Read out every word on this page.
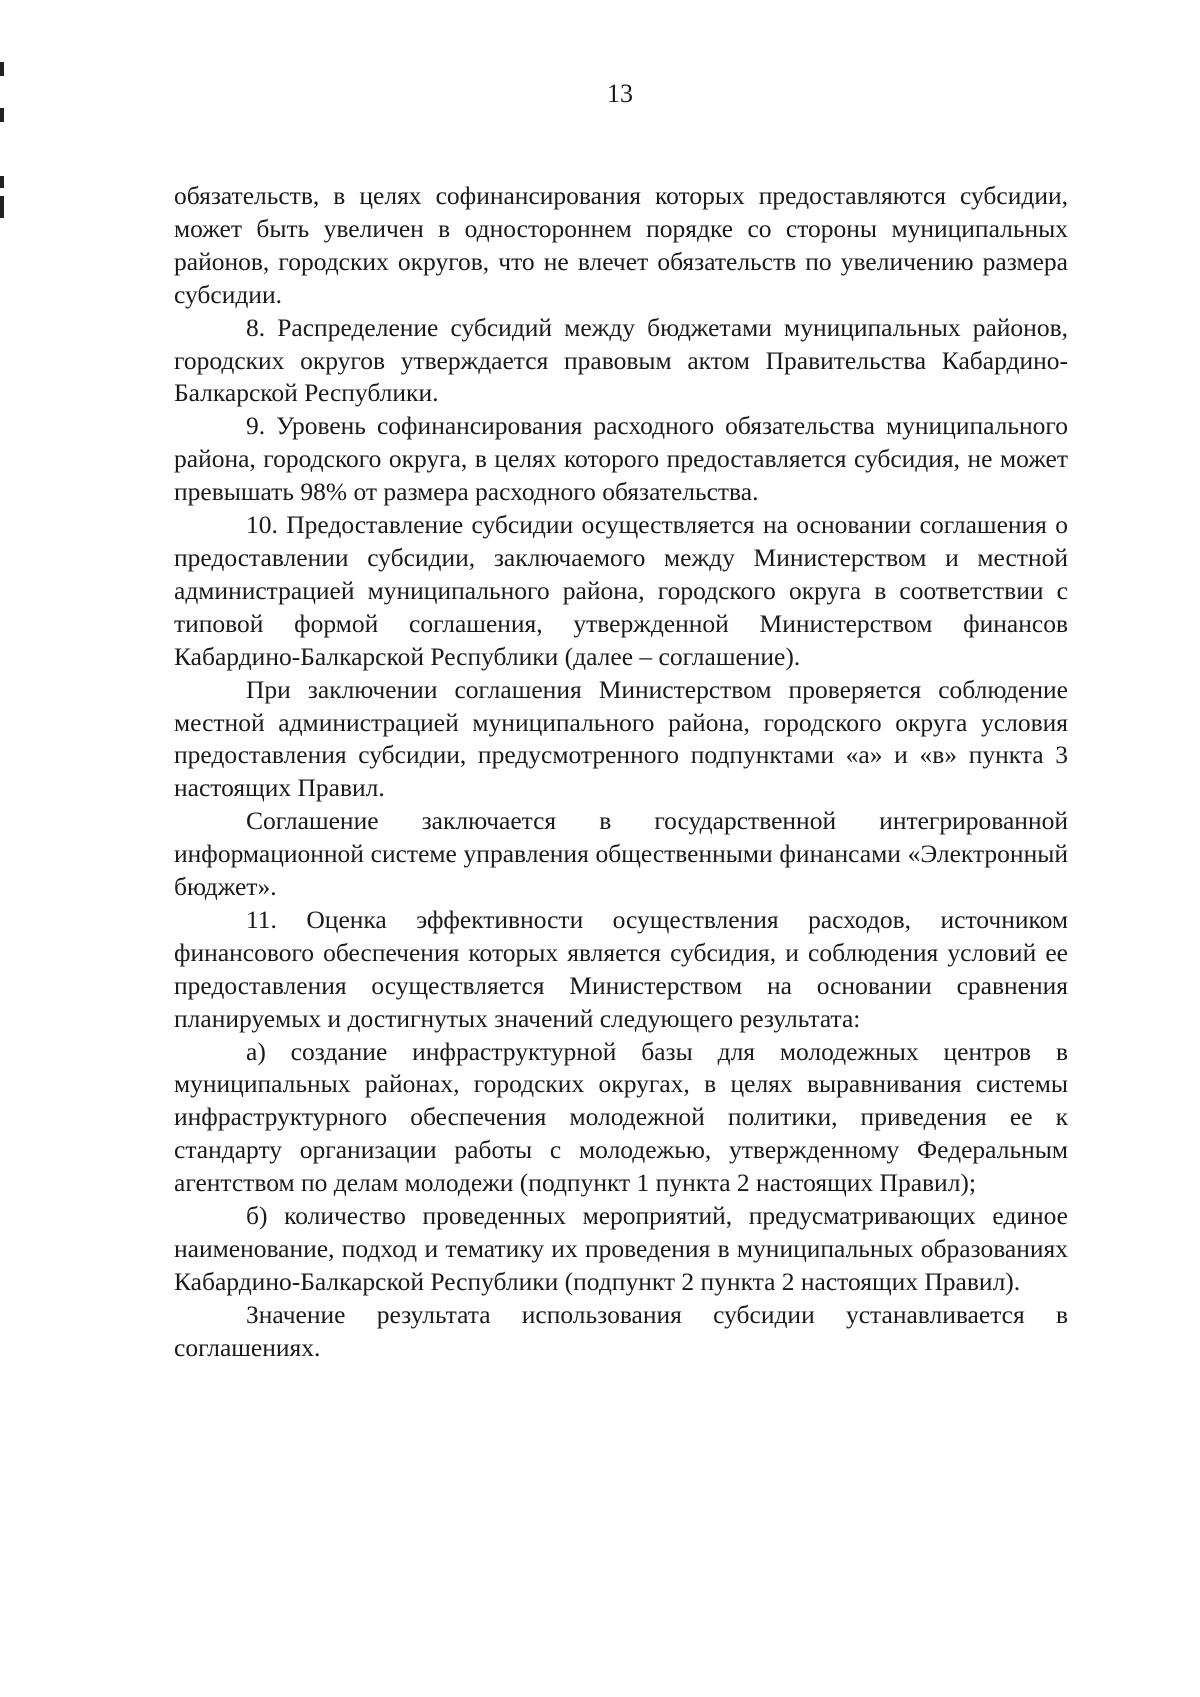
13

обязательств, в целях софинансирования которых предоставляются субсидии, может быть увеличен в одностороннем порядке со стороны муниципальных районов, городских округов, что не влечет обязательств по увеличению размера субсидии.

8. Распределение субсидий между бюджетами муниципальных районов, городских округов утверждается правовым актом Правительства Кабардино-Балкарской Республики.

9. Уровень софинансирования расходного обязательства муниципального района, городского округа, в целях которого предоставляется субсидия, не может превышать 98% от размера расходного обязательства.

10. Предоставление субсидии осуществляется на основании соглашения о предоставлении субсидии, заключаемого между Министерством и местной администрацией муниципального района, городского округа в соответствии с типовой формой соглашения, утвержденной Министерством финансов Кабардино-Балкарской Республики (далее – соглашение).

При заключении соглашения Министерством проверяется соблюдение местной администрацией муниципального района, городского округа условия предоставления субсидии, предусмотренного подпунктами «а» и «в» пункта 3 настоящих Правил.

Соглашение заключается в государственной интегрированной информационной системе управления общественными финансами «Электронный бюджет».

11. Оценка эффективности осуществления расходов, источником финансового обеспечения которых является субсидия, и соблюдения условий ее предоставления осуществляется Министерством на основании сравнения планируемых и достигнутых значений следующего результата:

а) создание инфраструктурной базы для молодежных центров в муниципальных районах, городских округах, в целях выравнивания системы инфраструктурного обеспечения молодежной политики, приведения ее к стандарту организации работы с молодежью, утвержденному Федеральным агентством по делам молодежи (подпункт 1 пункта 2 настоящих Правил);

б) количество проведенных мероприятий, предусматривающих единое наименование, подход и тематику их проведения в муниципальных образованиях Кабардино-Балкарской Республики (подпункт 2 пункта 2 настоящих Правил).

Значение результата использования субсидии устанавливается в соглашениях.
